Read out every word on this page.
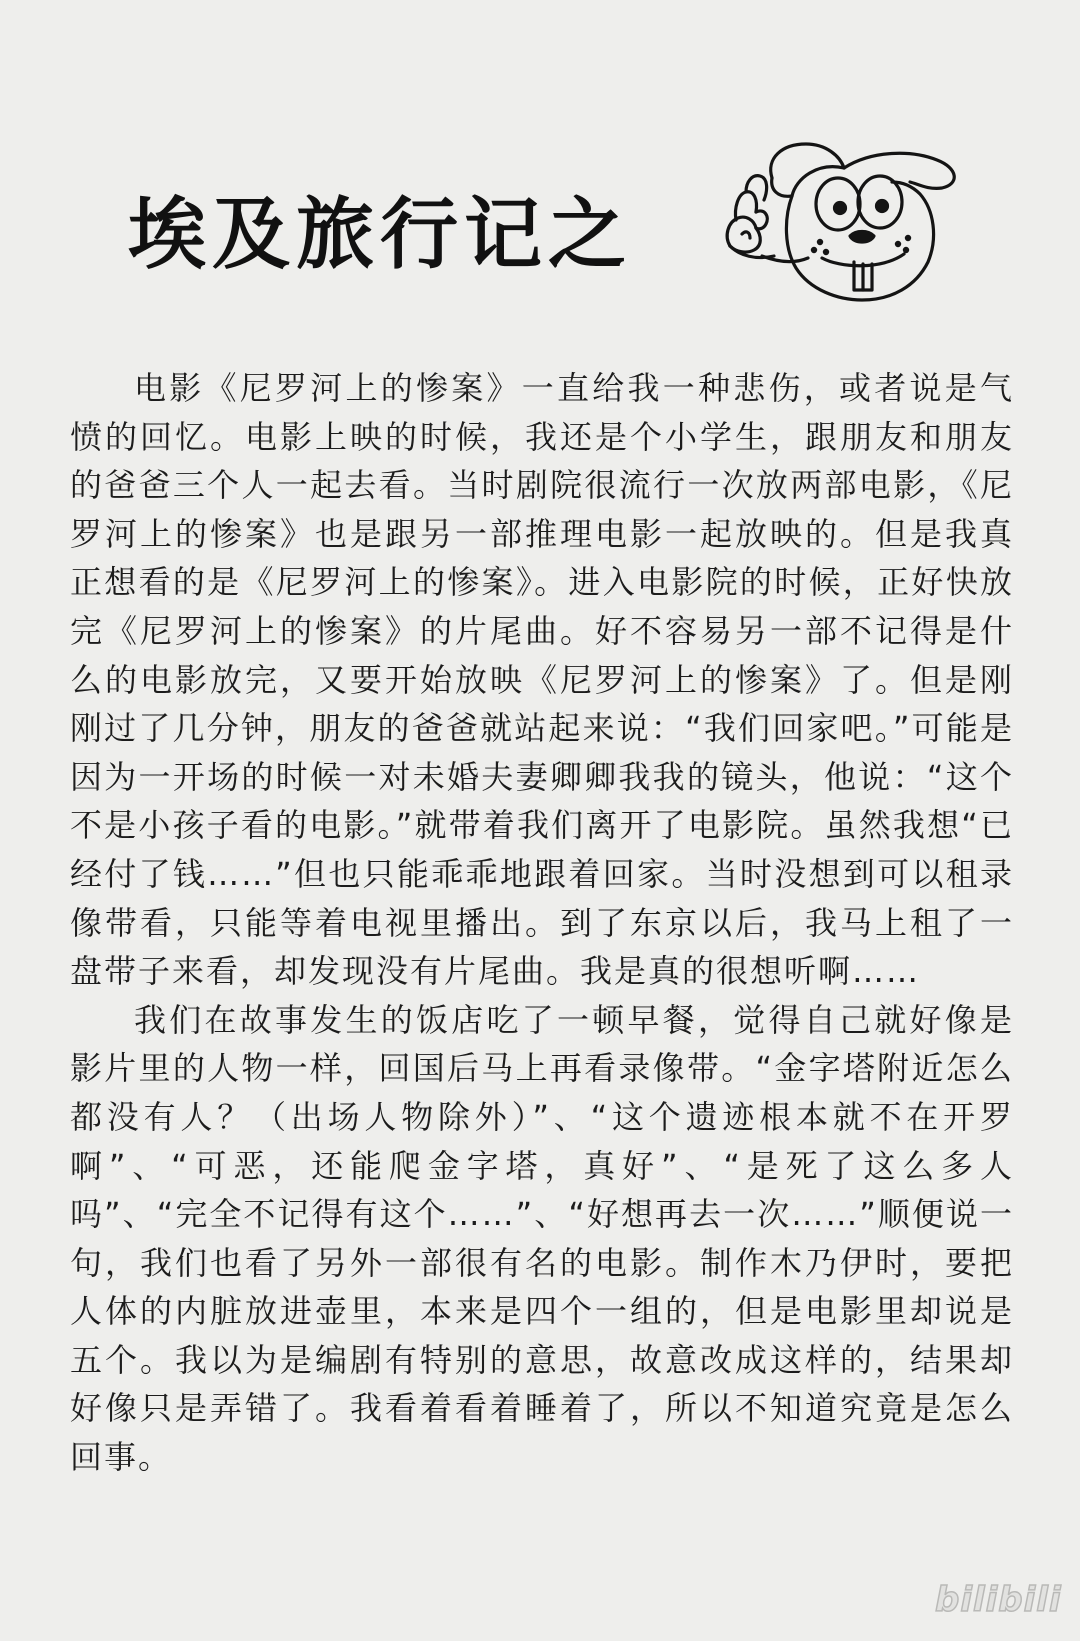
埃及旅行记之

电影《尼罗河上的惨案》一直给我一种悲伤，或者说是气愤的回忆。电影上映的时候，我还是个小学生，跟朋友和朋友的爸爸三个人一起去看。当时剧院很流行一次放两部电影，《尼罗河上的惨案》也是跟另一部推理电影一起放映的。但是我真正想看的是《尼罗河上的惨案》。进入电影院的时候，正好快放完《尼罗河上的惨案》的片尾曲。好不容易另一部不记得是什么的电影放完，又要开始放映《尼罗河上的惨案》了。但是刚刚过了几分钟，朋友的爸爸就站起来说：“我们回家吧。”可能是因为一开场的时候一对未婚夫妻卿卿我我的镜头，他说：“这个不是小孩子看的电影。”就带着我们离开了电影院。虽然我想“已经付了钱……”但也只能乖乖地跟着回家。当时没想到可以租录像带看，只能等着电视里播出。到了东京以后，我马上租了一盘带子来看，却发现没有片尾曲。我是真的很想听啊……

我们在故事发生的饭店吃了一顿早餐，觉得自己就好像是影片里的人物一样，回国后马上再看录像带。“金字塔附近怎么都没有人？（出场人物除外）”、“这个遗迹根本就不在开罗啊”、“可恶，还能爬金字塔，真好”、“是死了这么多人吗”、“完全不记得有这个……”、“好想再去一次……”顺便说一句，我们也看了另外一部很有名的电影。制作木乃伊时，要把人体的内脏放进壶里，本来是四个一组的，但是电影里却说是五个。我以为是编剧有特别的意思，故意改成这样的，结果却好像只是弄错了。我看着看着睡着了，所以不知道究竟是怎么回事。

bilibili
